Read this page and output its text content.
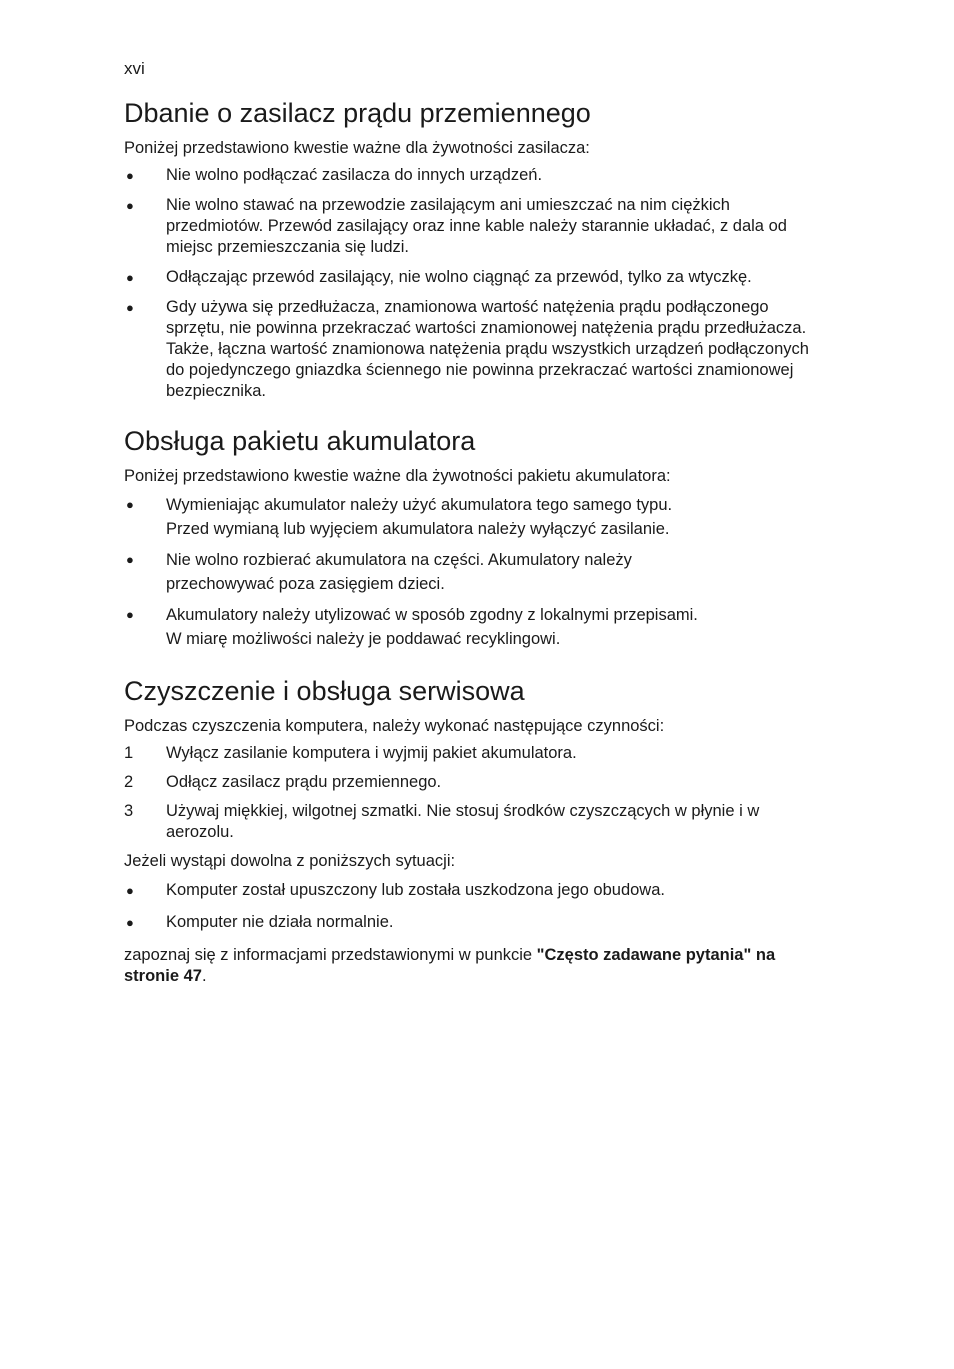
xvi
Dbanie o zasilacz prądu przemiennego

Poniżej przedstawiono kwestie ważne dla żywotności zasilacza:

● Nie wolno podłączać zasilacza do innych urządzeń.
● Nie wolno stawać na przewodzie zasilającym ani umieszczać na nim ciężkich przedmiotów. Przewód zasilający oraz inne kable należy starannie układać, z dala od miejsc przemieszczania się ludzi.
● Odłączając przewód zasilający, nie wolno ciągnąć za przewód, tylko za wtyczkę.
● Gdy używa się przedłużacza, znamionowa wartość natężenia prądu podłączonego sprzętu, nie powinna przekraczać wartości znamionowej natężenia prądu przedłużacza. Także, łączna wartość znamionowa natężenia prądu wszystkich urządzeń podłączonych do pojedynczego gniazdka ściennego nie powinna przekraczać wartości znamionowej bezpiecznika.
Obsługa pakietu akumulatora

Poniżej przedstawiono kwestie ważne dla żywotności pakietu akumulatora:

● Wymieniając akumulator należy użyć akumulatora tego samego typu.
Przed wymianą lub wyjęciem akumulatora należy wyłączyć zasilanie.
● Nie wolno rozbierać akumulatora na części. Akumulatory należy
przechowywać poza zasięgiem dzieci.
● Akumulatory należy utylizować w sposób zgodny z lokalnymi przepisami.
W miarę możliwości należy je poddawać recyklingowi.
Czyszczenie i obsługa serwisowa

Podczas czyszczenia komputera, należy wykonać następujące czynności:

1 Wyłącz zasilanie komputera i wyjmij pakiet akumulatora.
2 Odłącz zasilacz prądu przemiennego.
3 Używaj miękkiej, wilgotnej szmatki. Nie stosuj środków czyszczących w płynie i w aerozolu.

Jeżeli wystąpi dowolna z poniższych sytuacji:

● Komputer został upuszczony lub została uszkodzona jego obudowa.
● Komputer nie działa normalnie.

zapoznaj się z informacjami przedstawionymi w punkcie "Często zadawane pytania" na stronie 47.
